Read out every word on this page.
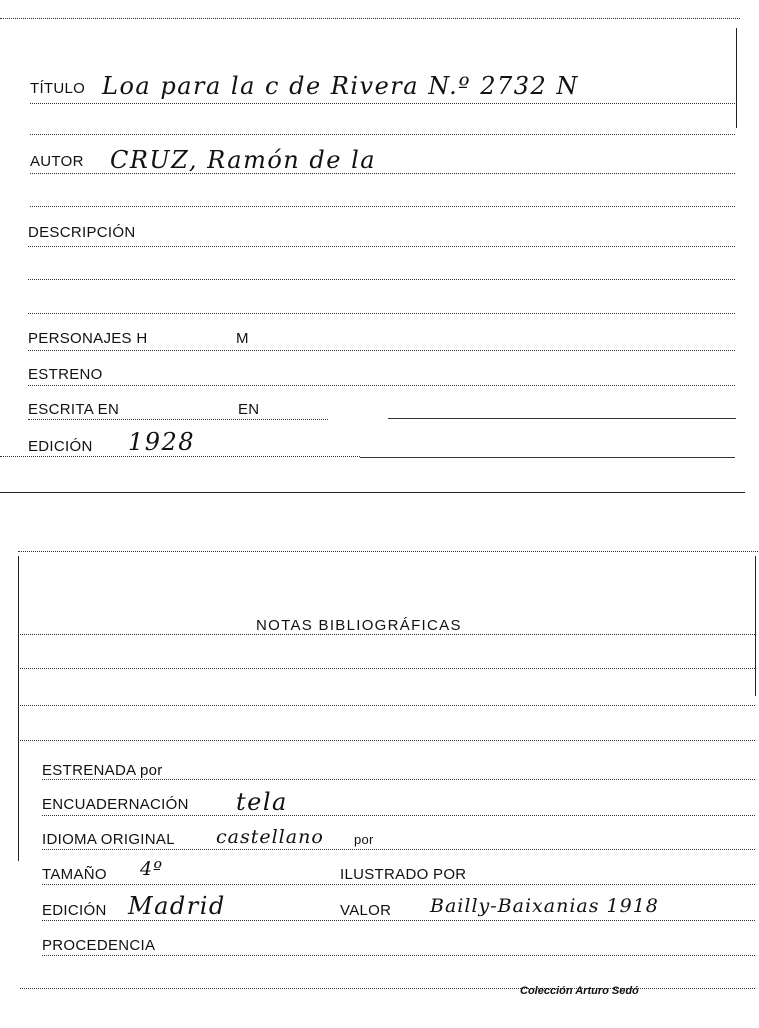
TÍTULO Loa para la c de Rivera N.º 2732 N
AUTOR CRUZ, Ramón de la
DESCRIPCIÓN
PERSONAJES H	M
ESTRENO
ESCRITA EN	EN
EDICIÓN 1928
NOTAS BIBLIOGRÁFICAS
ESTRENADA por
ENCUADERNACIÓN tela
IDIOMA ORIGINAL castellano por
TAMAÑO 4º	ILUSTRADO POR
EDICIÓN Madrid	VALOR Bailly-Baixanias 1918
PROCEDENCIA
Colección Arturo Sedó
